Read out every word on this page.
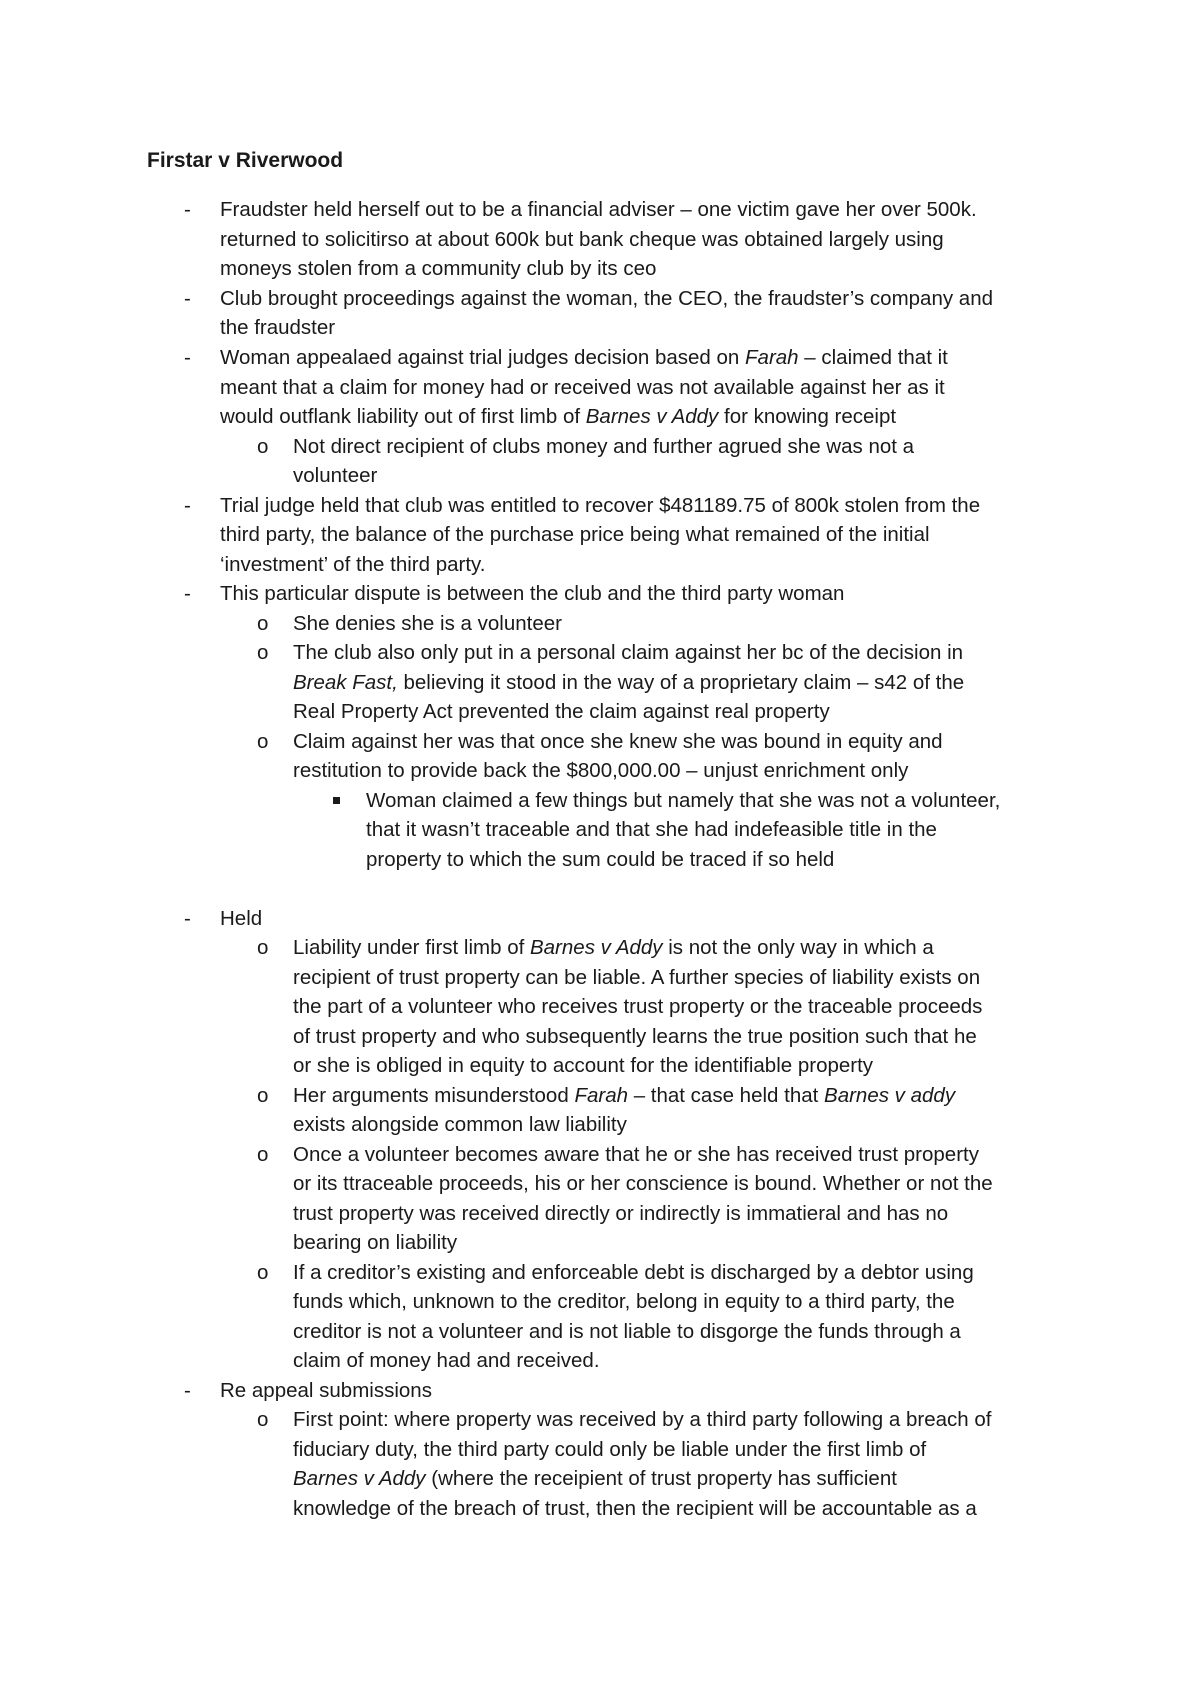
Firstar v Riverwood
- Fraudster held herself out to be a financial adviser – one victim gave her over 500k.
returned to solicitirso at about 600k but bank cheque was obtained largely using
moneys stolen from a community club by its ceo
- Club brought proceedings against the woman, the CEO, the fraudster’s company and
the fraudster
- Woman appealaed against trial judges decision based on Farah – claimed that it
meant that a claim for money had or received was not available against her as it
would outflank liability out of first limb of Barnes v Addy for knowing receipt
o Not direct recipient of clubs money and further agrued she was not a
volunteer
- Trial judge held that club was entitled to recover $481189.75 of 800k stolen from the
third party, the balance of the purchase price being what remained of the initial
‘investment’ of the third party.
- This particular dispute is between the club and the third party woman
o She denies she is a volunteer
o The club also only put in a personal claim against her bc of the decision in
Break Fast, believing it stood in the way of a proprietary claim – s42 of the
Real Property Act prevented the claim against real property
o Claim against her was that once she knew she was bound in equity and
restitution to provide back the $800,000.00 – unjust enrichment only
Woman claimed a few things but namely that she was not a volunteer,
that it wasn’t traceable and that she had indefeasible title in the
property to which the sum could be traced if so held
- Held
o Liability under first limb of Barnes v Addy is not the only way in which a
recipient of trust property can be liable. A further species of liability exists on
the part of a volunteer who receives trust property or the traceable proceeds
of trust property and who subsequently learns the true position such that he
or she is obliged in equity to account for the identifiable property
o Her arguments misunderstood Farah – that case held that Barnes v addy
exists alongside common law liability
o Once a volunteer becomes aware that he or she has received trust property
or its ttraceable proceeds, his or her conscience is bound. Whether or not the
trust property was received directly or indirectly is immatieral and has no
bearing on liability
o If a creditor’s existing and enforceable debt is discharged by a debtor using
funds which, unknown to the creditor, belong in equity to a third party, the
creditor is not a volunteer and is not liable to disgorge the funds through a
claim of money had and received.
- Re appeal submissions
o First point: where property was received by a third party following a breach of
fiduciary duty, the third party could only be liable under the first limb of
Barnes v Addy (where the receipient of trust property has sufficient
knowledge of the breach of trust, then the recipient will be accountable as a
